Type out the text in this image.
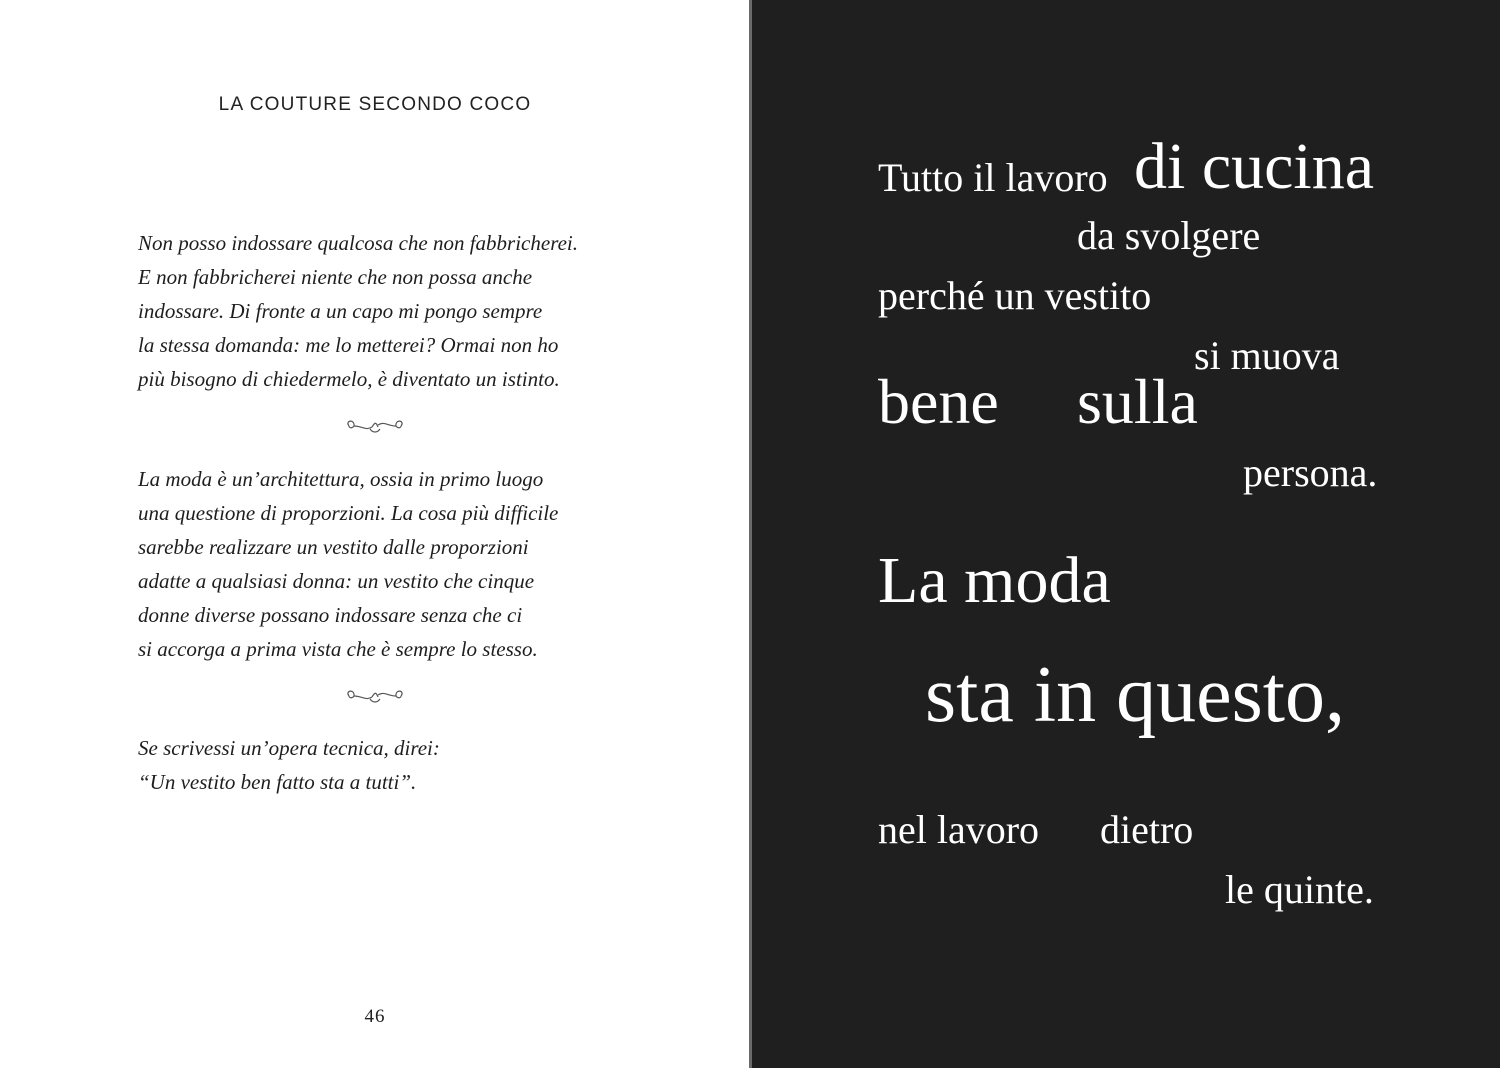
LA COUTURE SECONDO COCO

Non posso indossare qualcosa che non fabbricherei.
E non fabbricherei niente che non possa anche
indossare. Di fronte a un capo mi pongo sempre
la stessa domanda: me lo metterei? Ormai non ho
più bisogno di chiedermelo, è diventato un istinto.

La moda è un’architettura, ossia in primo luogo
una questione di proporzioni. La cosa più difficile
sarebbe realizzare un vestito dalle proporzioni
adatte a qualsiasi donna: un vestito che cinque
donne diverse possano indossare senza che ci
si accorga a prima vista che è sempre lo stesso.

Se scrivessi un’opera tecnica, direi:
“Un vestito ben fatto sta a tutti”.

46
Tutto il lavoro di cucina
da svolgere
perché un vestito
si muova
bene sulla
persona.
La moda
sta in questo,
nel lavoro dietro
le quinte.
